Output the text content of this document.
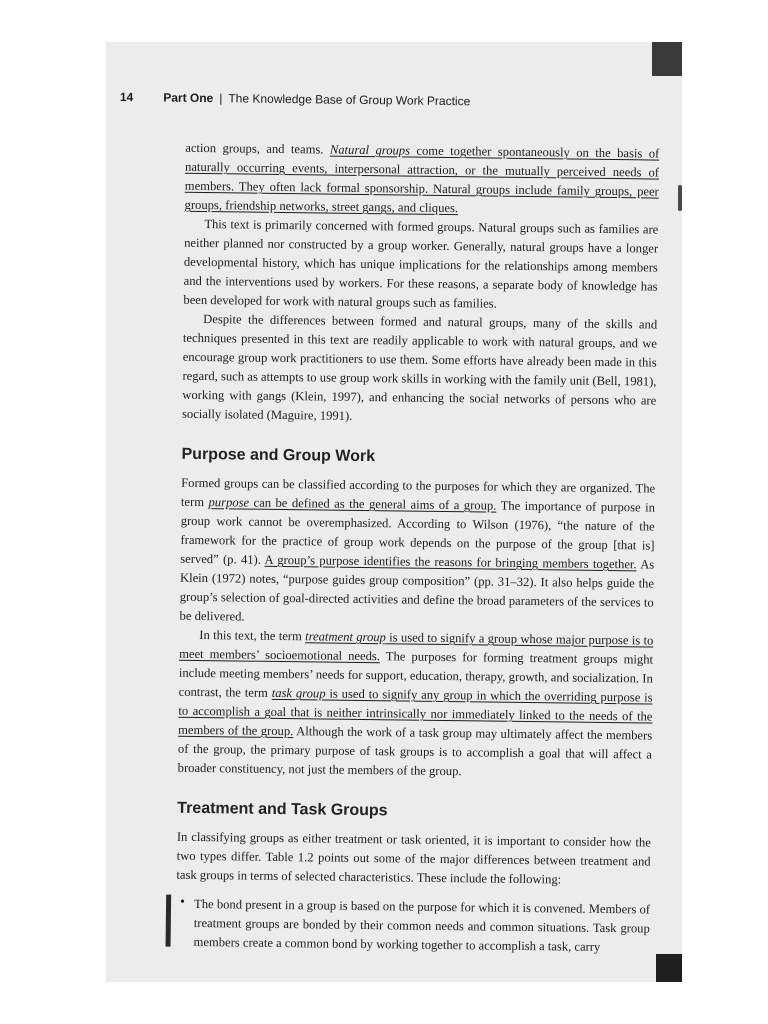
14 Part One | The Knowledge Base of Group Work Practice

action groups, and teams. Natural groups come together spontaneously on the basis of naturally occurring events, interpersonal attraction, or the mutually perceived needs of members. They often lack formal sponsorship. Natural groups include family groups, peer groups, friendship networks, street gangs, and cliques.

This text is primarily concerned with formed groups. Natural groups such as families are neither planned nor constructed by a group worker. Generally, natural groups have a longer developmental history, which has unique implications for the relationships among members and the interventions used by workers. For these reasons, a separate body of knowledge has been developed for work with natural groups such as families.

Despite the differences between formed and natural groups, many of the skills and techniques presented in this text are readily applicable to work with natural groups, and we encourage group work practitioners to use them. Some efforts have already been made in this regard, such as attempts to use group work skills in working with the family unit (Bell, 1981), working with gangs (Klein, 1997), and enhancing the social networks of persons who are socially isolated (Maguire, 1991).

Purpose and Group Work

Formed groups can be classified according to the purposes for which they are organized. The term purpose can be defined as the general aims of a group. The importance of purpose in group work cannot be overemphasized. According to Wilson (1976), “the nature of the framework for the practice of group work depends on the purpose of the group [that is] served” (p. 41). A group’s purpose identifies the reasons for bringing members together. As Klein (1972) notes, “purpose guides group composition” (pp. 31–32). It also helps guide the group’s selection of goal-directed activities and define the broad parameters of the services to be delivered.

In this text, the term treatment group is used to signify a group whose major purpose is to meet members’ socioemotional needs. The purposes for forming treatment groups might include meeting members’ needs for support, education, therapy, growth, and socialization. In contrast, the term task group is used to signify any group in which the overriding purpose is to accomplish a goal that is neither intrinsically nor immediately linked to the needs of the members of the group. Although the work of a task group may ultimately affect the members of the group, the primary purpose of task groups is to accomplish a goal that will affect a broader constituency, not just the members of the group.

Treatment and Task Groups

In classifying groups as either treatment or task oriented, it is important to consider how the two types differ. Table 1.2 points out some of the major differences between treatment and task groups in terms of selected characteristics. These include the following:

• The bond present in a group is based on the purpose for which it is convened. Members of treatment groups are bonded by their common needs and common situations. Task group members create a common bond by working together to accomplish a task, carry
